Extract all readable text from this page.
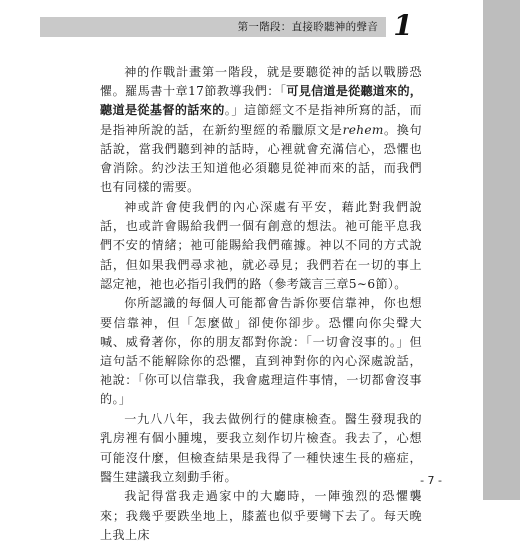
第一階段：直接聆聽神的聲音 1

神的作戰計畫第一階段，就是要聽從神的話以戰勝恐懼。羅馬書十章17節教導我們：「可見信道是從聽道來的，聽道是從基督的話來的。」這節經文不是指神所寫的話，而是指神所說的話，在新約聖經的希臘原文是rehem。換句話說，當我們聽到神的話時，心裡就會充滿信心，恐懼也會消除。約沙法王知道他必須聽見從神而來的話，而我們也有同樣的需要。

神或許會使我們的內心深處有平安，藉此對我們說話，也或許會賜給我們一個有創意的想法。祂可能平息我們不安的情緒；祂可能賜給我們確據。神以不同的方式說話，但如果我們尋求祂，就必尋見；我們若在一切的事上認定祂，祂也必指引我們的路（參考箴言三章5∼6節）。

你所認識的每個人可能都會告訴你要信靠神，你也想要信靠神，但「怎麼做」卻使你卻步。恐懼向你尖聲大喊、威脅著你，你的朋友都對你說：「一切會沒事的。」但這句話不能解除你的恐懼，直到神對你的內心深處說話，祂說：「你可以信靠我，我會處理這件事情，一切都會沒事的。」

一九八八年，我去做例行的健康檢查。醫生發現我的乳房裡有個小腫塊，要我立刻作切片檢查。我去了，心想可能沒什麼，但檢查結果是我得了一種快速生長的癌症，醫生建議我立刻動手術。

我記得當我走過家中的大廳時，一陣強烈的恐懼襲來；我幾乎要跌坐地上，膝蓋也似乎要彎下去了。每天晚上我上床

- 7 -
